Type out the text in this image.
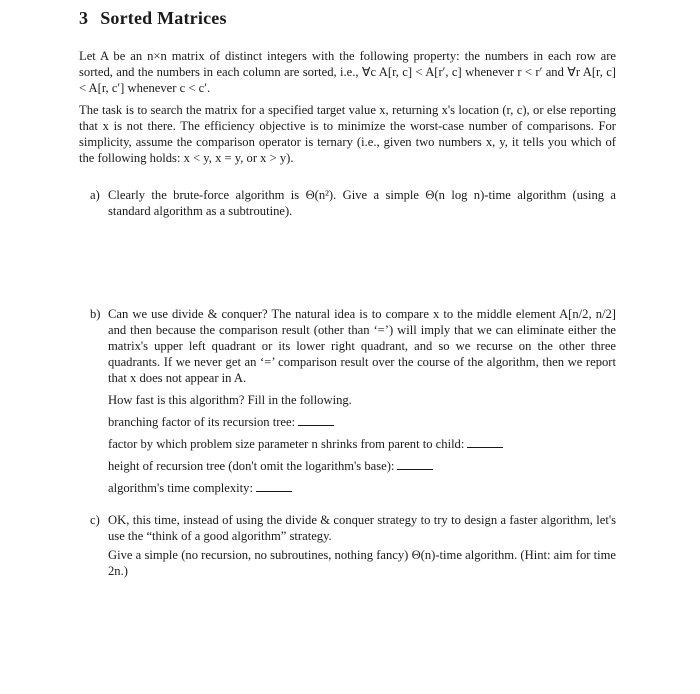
3 Sorted Matrices
Let A be an n×n matrix of distinct integers with the following property: the numbers in each row are sorted, and the numbers in each column are sorted, i.e., ∀c A[r, c] < A[r′, c] whenever r < r′ and ∀r A[r, c] < A[r, c′] whenever c < c′.
The task is to search the matrix for a specified target value x, returning x's location (r, c), or else reporting that x is not there. The efficiency objective is to minimize the worst-case number of comparisons. For simplicity, assume the comparison operator is ternary (i.e., given two numbers x, y, it tells you which of the following holds: x < y, x = y, or x > y).
a) Clearly the brute-force algorithm is Θ(n²). Give a simple Θ(n log n)-time algorithm (using a standard algorithm as a subtroutine).

b) Can we use divide & conquer? The natural idea is to compare x to the middle element A[n/2, n/2] and then because the comparison result (other than ‘=’) will imply that we can eliminate either the matrix's upper left quadrant or its lower right quadrant, and so we recurse on the other three quadrants. If we never get an ‘=’ comparison result over the course of the algorithm, then we report that x does not appear in A.

How fast is this algorithm? Fill in the following.

branching factor of its recursion tree:

factor by which problem size parameter n shrinks from parent to child:

height of recursion tree (don't omit the logarithm's base):

algorithm's time complexity:

c) OK, this time, instead of using the divide & conquer strategy to try to design a faster algorithm, let's use the “think of a good algorithm” strategy.

Give a simple (no recursion, no subroutines, nothing fancy) Θ(n)-time algorithm. (Hint: aim for time 2n.)
